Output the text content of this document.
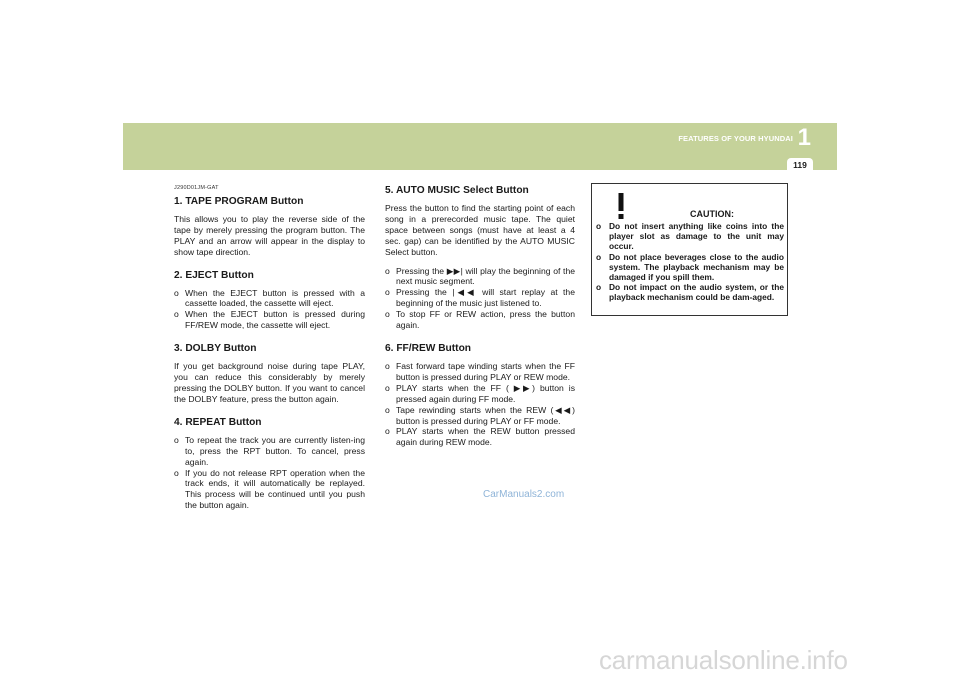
FEATURES OF YOUR HYUNDAI 1
119
J290D01JM-GAT
1. TAPE PROGRAM Button

This allows you to play the reverse side of the tape by merely pressing the program button. The PLAY and an arrow will appear in the display to show tape direction.

2. EJECT Button
o When the EJECT button is pressed with a cassette loaded, the cassette will eject.
o When the EJECT button is pressed during FF/REW mode, the cassette will eject.
3. DOLBY Button

If you get background noise during tape PLAY, you can reduce this considerably by merely pressing the DOLBY button. If you want to cancel the DOLBY feature, press the button again.

4. REPEAT Button
o To repeat the track you are currently listen-ing to, press the RPT button. To cancel, press again.
o If you do not release RPT operation when the track ends, it will automatically be replayed. This process will be continued until you push the button again.
5. AUTO MUSIC Select Button

Press the button to find the starting point of each song in a prerecorded music tape. The quiet space between songs (must have at least a 4 sec. gap) can be identified by the AUTO MUSIC Select button.

o Pressing the ▶▶| will play the beginning of the next music segment.
o Pressing the |◀◀ will start replay at the beginning of the music just listened to.
o To stop FF or REW action, press the button again.
6. FF/REW Button
o Fast forward tape winding starts when the FF button is pressed during PLAY or REW mode.
o PLAY starts when the FF ( ▶▶) button is pressed again during FF mode.
o Tape rewinding starts when the REW (◀◀) button is pressed during PLAY or FF mode.
o PLAY starts when the REW button pressed again during REW mode.
CAUTION:
o Do not insert anything like coins into the player slot as damage to the unit may occur.
o Do not place beverages close to the audio system. The playback mechanism may be damaged if you spill them.
o Do not impact on the audio system, or the playback mechanism could be dam-aged.
CarManuals2.com
carmanualsonline.info
